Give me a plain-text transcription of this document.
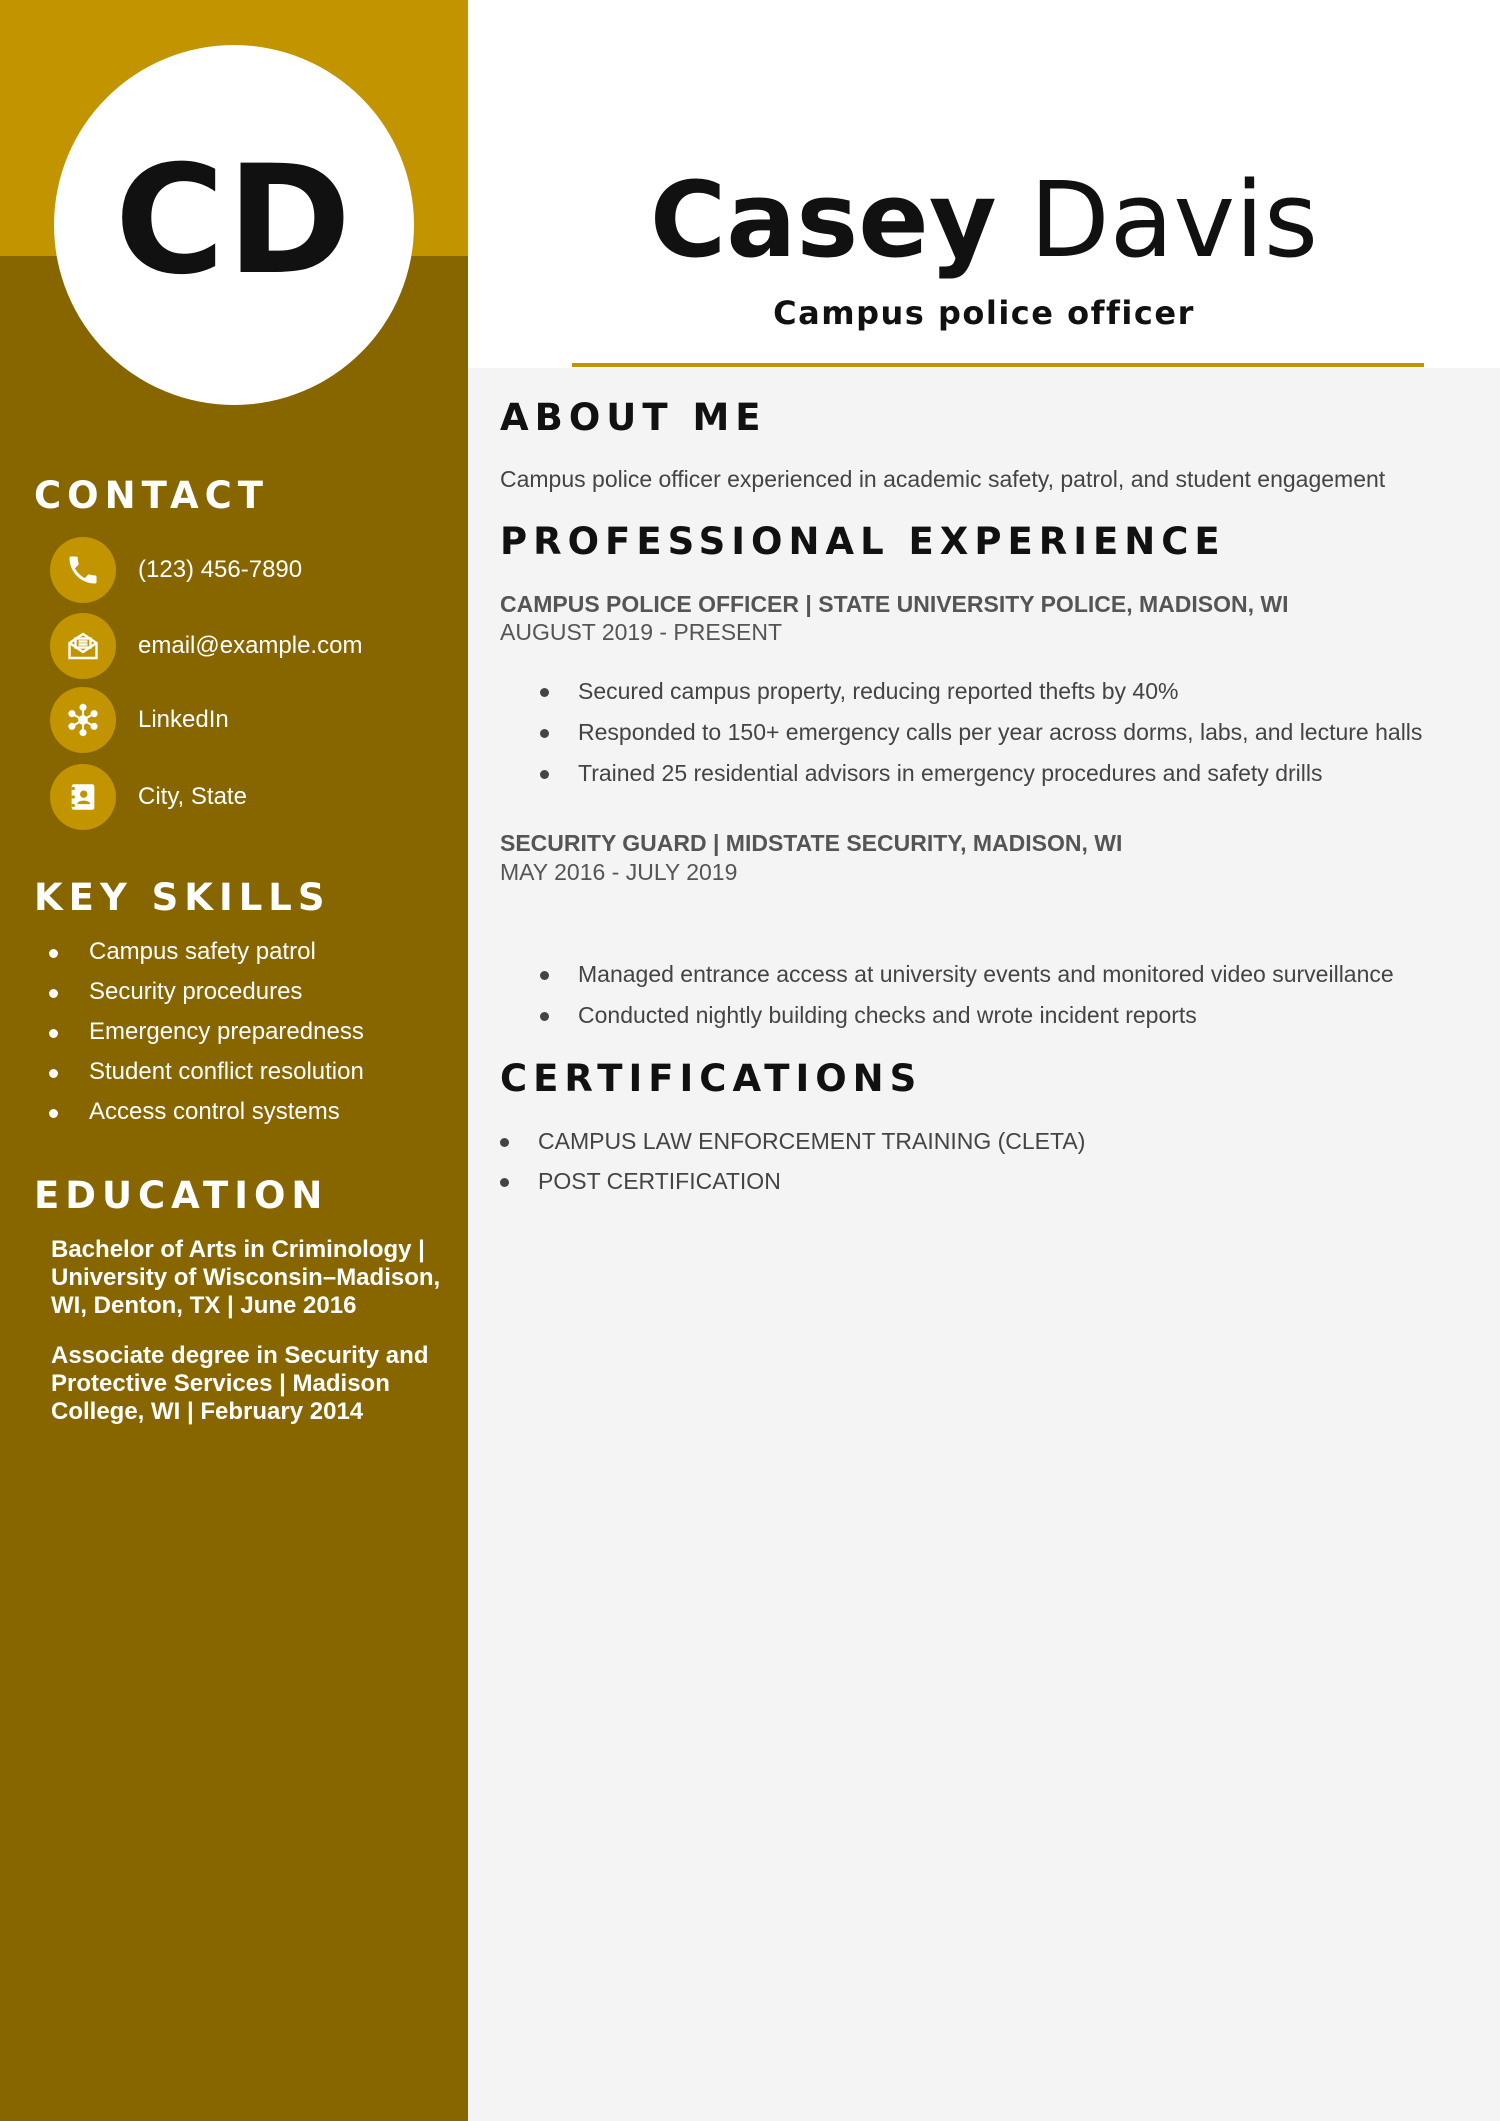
CD	Casey Davis
Campus police officer
CONTACT
(123) 456-7890
email@example.com
LinkedIn
City, State
KEY SKILLS
Campus safety patrol
Security procedures
Emergency preparedness
Student conflict resolution
Access control systems
EDUCATION
Bachelor of Arts in Criminology | University of Wisconsin–Madison, WI, Denton, TX | June 2016
Associate degree in Security and Protective Services | Madison College, WI | February 2014
ABOUT ME
Campus police officer experienced in academic safety, patrol, and student engagement
PROFESSIONAL EXPERIENCE
CAMPUS POLICE OFFICER | STATE UNIVERSITY POLICE, MADISON, WI
AUGUST 2019 - PRESENT
Secured campus property, reducing reported thefts by 40%
Responded to 150+ emergency calls per year across dorms, labs, and lecture halls
Trained 25 residential advisors in emergency procedures and safety drills
SECURITY GUARD | MIDSTATE SECURITY, MADISON, WI
MAY 2016 - JULY 2019
Managed entrance access at university events and monitored video surveillance
Conducted nightly building checks and wrote incident reports
CERTIFICATIONS
CAMPUS LAW ENFORCEMENT TRAINING (CLETA)
POST CERTIFICATION
